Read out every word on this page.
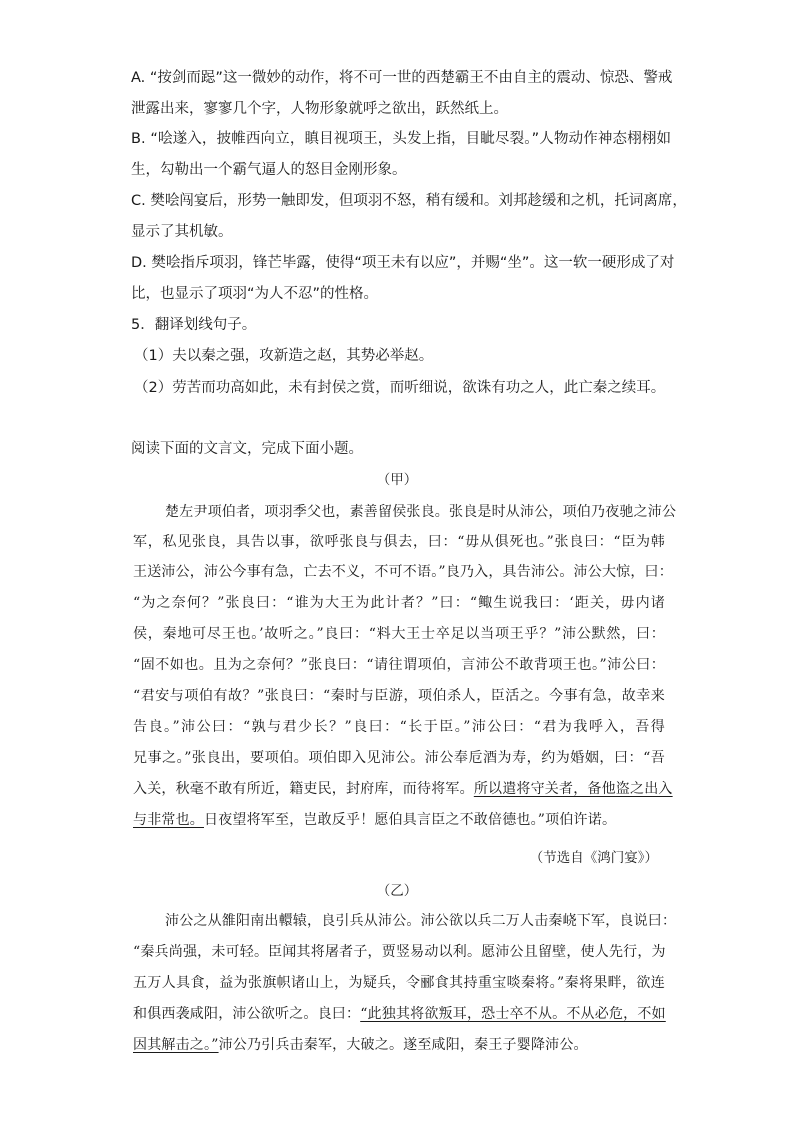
A. “按剑而跽”这一微妙的动作，将不可一世的西楚霸王不由自主的震动、惊恐、警戒
泄露出来，寥寥几个字，人物形象就呼之欲出，跃然纸上。
B. “哙遂入，披帷西向立，瞋目视项王，头发上指，目眦尽裂。”人物动作神态栩栩如
生，勾勒出一个霸气逼人的怒目金刚形象。
C. 樊哙闯宴后，形势一触即发，但项羽不怒，稍有缓和。刘邦趁缓和之机，托词离席，
显示了其机敏。
D. 樊哙指斥项羽，锋芒毕露，使得“项王未有以应”，并赐“坐”。这一软一硬形成了对
比，也显示了项羽“为人不忍”的性格。
5．翻译划线句子。
（1）夫以秦之强，攻新造之赵，其势必举赵。
（2）劳苦而功高如此，未有封侯之赏，而听细说，欲诛有功之人，此亡秦之续耳。
阅读下面的文言文，完成下面小题。
（甲）
楚左尹项伯者，项羽季父也，素善留侯张良。张良是时从沛公，项伯乃夜驰之沛公
军，私见张良，具告以事，欲呼张良与俱去，曰：“毋从俱死也。”张良曰：“臣为韩
王送沛公，沛公今事有急，亡去不义，不可不语。”良乃入，具告沛公。沛公大惊，曰：
“为之奈何？”张良曰：“谁为大王为此计者？”曰：“鲰生说我曰：‘距关，毋内诸
侯，秦地可尽王也。’故听之。”良曰：“料大王士卒足以当项王乎？”沛公默然，曰：
“固不如也。且为之奈何？”张良曰：“请往谓项伯，言沛公不敢背项王也。”沛公曰：
“君安与项伯有故？”张良曰：“秦时与臣游，项伯杀人，臣活之。今事有急，故幸来
告良。”沛公曰：“孰与君少长？”良曰：“长于臣。”沛公曰：“君为我呼入，吾得
兄事之。”张良出，要项伯。项伯即入见沛公。沛公奉卮酒为寿，约为婚姻，曰：“吾
入关，秋毫不敢有所近，籍吏民，封府库，而待将军。所以遣将守关者，备他盗之出入
与非常也。日夜望将军至，岂敢反乎！愿伯具言臣之不敢倍德也。”项伯许诺。
（节选自《鸿门宴》）
（乙）
沛公之从雒阳南出轘辕，良引兵从沛公。沛公欲以兵二万人击秦峣下军，良说曰：
“秦兵尚强，未可轻。臣闻其将屠者子，贾竖易动以利。愿沛公且留壁，使人先行，为
五万人具食，益为张旗帜诸山上，为疑兵，令郦食其持重宝啖秦将。”秦将果畔，欲连
和俱西袭咸阳，沛公欲听之。良曰：“此独其将欲叛耳，恐士卒不从。不从必危，不如
因其解击之。”沛公乃引兵击秦军，大破之。遂至咸阳，秦王子婴降沛公。
